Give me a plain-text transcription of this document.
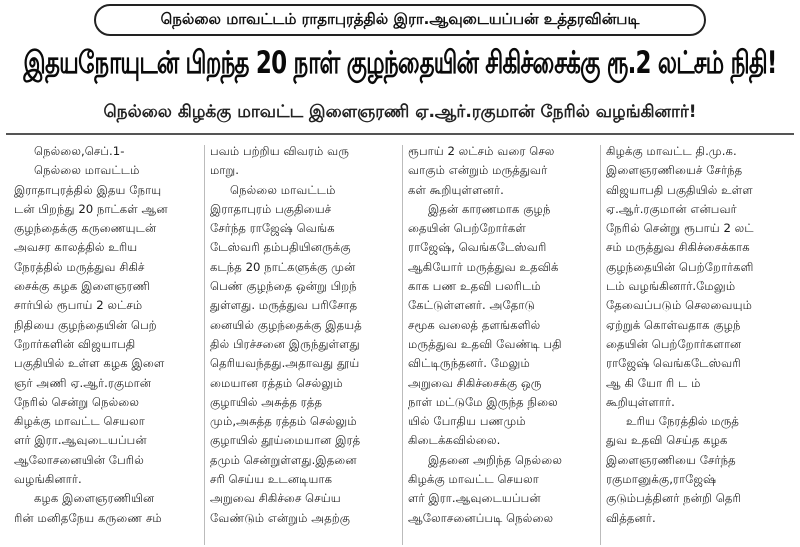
நெல்லை மாவட்டம் ராதாபுரத்தில் இரா.ஆவுடையப்பன் உத்தரவின்படி
இதயநோயுடன் பிறந்த 20 நாள் குழந்தையின் சிகிச்சைக்கு ரூ.2 லட்சம் நிதி!
நெல்லை கிழக்கு மாவட்ட இளைஞரணி ஏ.ஆர்.ரகுமான் நேரில் வழங்கினார்!
நெல்லை,செப்.1-
நெல்லை மாவட்டம்
இராதாபுரத்தில் இதய நோயு
டன் பிறந்து 20 நாட்கள் ஆன
குழந்தைக்கு கருணையுடன்
அவசர காலத்தில் உரிய
நேரத்தில் மருத்துவ சிகிச்
சைக்கு கழக இளைஞரணி
சார்பில் ரூபாய் 2 லட்சம்
நிதியை குழந்தையின் பெற்
றோர்களின் விஜயாபதி
பகுதியில் உள்ள கழக இளை
ஞர் அணி ஏ.ஆர்.ரகுமான்
நேரில் சென்று நெல்லை
கிழக்கு மாவட்ட செயலா
ளர் இரா.ஆவுடையப்பன்
ஆலோசனையின் பேரில்
வழங்கினார்.
கழக இளைஞரணியின
ரின் மனிதநேய கருணை சம்
பவம் பற்றிய விவரம் வரு
மாறு.
நெல்லை மாவட்டம்
இராதாபுரம் பகுதியைச்
சேர்ந்த ராஜேஷ் வெங்க
டேஸ்வரி தம்பதியினருக்கு
கடந்த 20 நாட்களுக்கு முன்
பெண் குழந்தை ஒன்று பிறந்
துள்ளது. மருத்துவ பரிசோத
னையில் குழந்தைக்கு இதயத்
தில் பிரச்சனை இருந்துள்ளது
தெரியவந்தது.அதாவது தூய்
மையான ரத்தம் செல்லும்
குழாயில் அசுத்த ரத்த
மும்,அசுத்த ரத்தம் செல்லும்
குழாயில் தூய்மையான இரத்
தமும் சென்றுள்ளது.இதனை
சரி செய்ய உடனடியாக
அறுவை சிகிச்சை செய்ய
வேண்டும் என்றும் அதற்கு
ரூபாய் 2 லட்சம் வரை செல
வாகும் என்றும் மருத்துவர்
கள் கூறியுள்ளனர்.
இதன் காரணமாக குழந்
தையின் பெற்றோர்கள்
ராஜேஷ், வெங்கடேஸ்வரி
ஆகியோர் மருத்துவ உதவிக்
காக பண உதவி பலரிடம்
கேட்டுள்ளனர். அதோடு
சமூக வலைத் தளங்களில்
மருத்துவ உதவி வேண்டி பதி
விட்டிருந்தனர். மேலும்
அறுவை சிகிச்சைக்கு ஒரு
நாள் மட்டுமே இருந்த நிலை
யில் போதிய பணமும்
கிடைக்கவில்லை.
இதனை அறிந்த நெல்லை
கிழக்கு மாவட்ட செயலா
ளர் இரா.ஆவுடையப்பன்
ஆலோசனைப்படி நெல்லை
கிழக்கு மாவட்ட தி.மு.க.
இளைஞரணியைச் சேர்ந்த
விஜயாபதி பகுதியில் உள்ள
ஏ.ஆர்.ரகுமான் என்பவர்
நேரில் சென்று ரூபாய் 2 லட்
சம் மருத்துவ சிகிச்சைக்காக
குழந்தையின் பெற்றோர்களி
டம் வழங்கினார்.மேலும்
தேவைப்படும் செலவையும்
ஏற்றுக் கொள்வதாக குழந்
தையின் பெற்றோர்களான
ராஜேஷ் வெங்கடேஸ்வரி
ஆ கி யோ ரி ட ம்
கூறியுள்ளார்.
உரிய நேரத்தில் மருத்
துவ உதவி செய்த கழக
இளைஞரணியை சேர்ந்த
ரகுமானுக்கு,ராஜேஷ்
குடும்பத்தினர் நன்றி தெரி
வித்தனர்.
